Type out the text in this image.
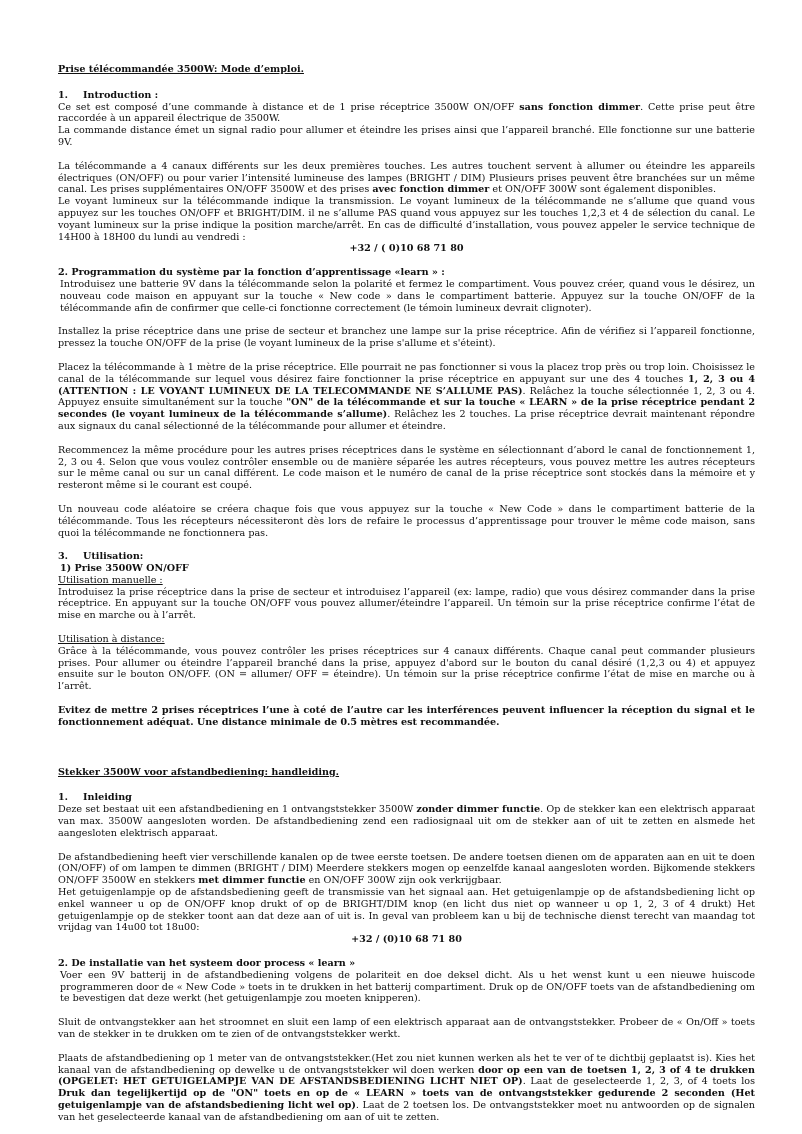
Prise télécommandée 3500W: Mode d’emploi.

1. Introduction :

Ce set est composé d’une commande à distance et de 1 prise réceptrice 3500W ON/OFF sans fonction dimmer. Cette prise peut être raccordée à un appareil électrique de 3500W.

La commande distance émet un signal radio pour allumer et éteindre les prises ainsi que l’appareil branché. Elle fonctionne sur une batterie 9V.

La télécommande a 4 canaux différents sur les deux premières touches. Les autres touchent servent à allumer ou éteindre les appareils électriques (ON/OFF) ou pour varier l’intensité lumineuse des lampes (BRIGHT / DIM) Plusieurs prises peuvent être branchées sur un même canal. Les prises supplémentaires ON/OFF 3500W et des prises avec fonction dimmer et ON/OFF 300W sont également disponibles.

Le voyant lumineux sur la télécommande indique la transmission. Le voyant lumineux de la télécommande ne s’allume que quand vous appuyez sur les touches ON/OFF et BRIGHT/DIM. il ne s’allume PAS quand vous appuyez sur les touches 1,2,3 et 4 de sélection du canal. Le voyant lumineux sur la prise indique la position marche/arrêt. En cas de difficulté d’installation, vous pouvez appeler le service technique de 14H00 à 18H00 du lundi au vendredi :

+32 / ( 0)10 68 71 80

2. Programmation du système par la fonction d’apprentissage «learn » :

Introduisez une batterie 9V dans la télécommande selon la polarité et fermez le compartiment. Vous pouvez créer, quand vous le désirez, un nouveau code maison en appuyant sur la touche « New code » dans le compartiment batterie. Appuyez sur la touche ON/OFF de la télécommande afin de confirmer que celle-ci fonctionne correctement (le témoin lumineux devrait clignoter).

Installez la prise réceptrice dans une prise de secteur et branchez une lampe sur la prise réceptrice. Afin de vérifiez si l’appareil fonctionne, pressez la touche ON/OFF de la prise (le voyant lumineux de la prise s'allume et s'éteint).

Placez la télécommande à 1 mètre de la prise réceptrice. Elle pourrait ne pas fonctionner si vous la placez trop près ou trop loin. Choisissez le canal de la télécommande sur lequel vous désirez faire fonctionner la prise réceptrice en appuyant sur une des 4 touches 1, 2, 3 ou 4 (ATTENTION : LE VOYANT LUMINEUX DE LA TELECOMMANDE NE S’ALLUME PAS). Relâchez la touche sélectionnée 1, 2, 3 ou 4. Appuyez ensuite simultanément sur la touche "ON" de la télécommande et sur la touche « LEARN » de la prise réceptrice pendant 2 secondes (le voyant lumineux de la télécommande s’allume). Relâchez les 2 touches. La prise réceptrice devrait maintenant répondre aux signaux du canal sélectionné de la télécommande pour allumer et éteindre.

Recommencez la même procédure pour les autres prises réceptrices dans le système en sélectionnant d’abord le canal de fonctionnement 1, 2, 3 ou 4. Selon que vous voulez contrôler ensemble ou de manière séparée les autres récepteurs, vous pouvez mettre les autres récepteurs sur le même canal ou sur un canal différent. Le code maison et le numéro de canal de la prise réceptrice sont stockés dans la mémoire et y resteront même si le courant est coupé.

Un nouveau code aléatoire se créera chaque fois que vous appuyez sur la touche « New Code » dans le compartiment batterie de la télécommande. Tous les récepteurs nécessiteront dès lors de refaire le processus d’apprentissage pour trouver le même code maison, sans quoi la télécommande ne fonctionnera pas.

3. Utilisation:

1) Prise 3500W ON/OFF

Utilisation manuelle :

Introduisez la prise réceptrice dans la prise de secteur et introduisez l’appareil (ex: lampe, radio) que vous désirez commander dans la prise réceptrice. En appuyant sur la touche ON/OFF vous pouvez allumer/éteindre l’appareil. Un témoin sur la prise réceptrice confirme l’état de mise en marche ou à l’arrêt.

Utilisation à distance:

Grâce à la télécommande, vous pouvez contrôler les prises réceptrices sur 4 canaux différents. Chaque canal peut commander plusieurs prises. Pour allumer ou éteindre l’appareil branché dans la prise, appuyez d'abord sur le bouton du canal désiré (1,2,3 ou 4) et appuyez ensuite sur le bouton ON/OFF. (ON = allumer/ OFF = éteindre). Un témoin sur la prise réceptrice confirme l’état de mise en marche ou à l’arrêt.

Evitez de mettre 2 prises réceptrices l’une à coté de l’autre car les interférences peuvent influencer la réception du signal et le fonctionnement adéquat. Une distance minimale de 0.5 mètres est recommandée.

Stekker 3500W voor afstandbediening: handleiding.

1. Inleiding

Deze set bestaat uit een afstandbediening en 1 ontvangststekker 3500W zonder dimmer functie. Op de stekker kan een elektrisch apparaat van max. 3500W aangesloten worden. De afstandbediening zend een radiosignaal uit om de stekker aan of uit te zetten en alsmede het aangesloten elektrisch apparaat.

De afstandbediening heeft vier verschillende kanalen op de twee eerste toetsen. De andere toetsen dienen om de apparaten aan en uit te doen (ON/OFF) of om lampen te dimmen (BRIGHT / DIM) Meerdere stekkers mogen op eenzelfde kanaal aangesloten worden. Bijkomende stekkers ON/OFF 3500W en stekkers met dimmer functie en ON/OFF 300W zijn ook verkrijgbaar.

Het getuigenlampje op de afstandsbediening geeft de transmissie van het signaal aan. Het getuigenlampje op de afstandsbediening licht op enkel wanneer u op de ON/OFF knop drukt of op de BRIGHT/DIM knop (en licht dus niet op wanneer u op 1, 2, 3 of 4 drukt) Het getuigenlampje op de stekker toont aan dat deze aan of uit is. In geval van probleem kan u bij de technische dienst terecht van maandag tot vrijdag van 14u00 tot 18u00:

+32 / (0)10 68 71 80

2. De installatie van het systeem door process « learn »

Voer een 9V batterij in de afstandbediening volgens de polariteit en doe deksel dicht. Als u het wenst kunt u een nieuwe huiscode programmeren door de « New Code » toets in te drukken in het batterij compartiment. Druk op de ON/OFF toets van de afstandbediening om te bevestigen dat deze werkt (het getuigenlampje zou moeten knipperen).

Sluit de ontvangstekker aan het stroomnet en sluit een lamp of een elektrisch apparaat aan de ontvangststekker. Probeer de « On/Off » toets van de stekker in te drukken om te zien of de ontvangststekker werkt.

Plaats de afstandbediening op 1 meter van de ontvangststekker.(Het zou niet kunnen werken als het te ver of te dichtbij geplaatst is). Kies het kanaal van de afstandbediening op dewelke u de ontvangststekker wil doen werken door op een van de toetsen 1, 2, 3 of 4 te drukken (OPGELET: HET GETUIGELAMPJE VAN DE AFSTANDSBEDIENING LICHT NIET OP). Laat de geselecteerde 1, 2, 3, of 4 toets los Druk dan tegelijkertijd op de "ON" toets en op de « LEARN » toets van de ontvangststekker gedurende 2 seconden (Het getuigenlampje van de afstandsbediening licht wel op). Laat de 2 toetsen los. De ontvangststekker moet nu antwoorden op de signalen van het geselecteerde kanaal van de afstandbediening om aan of uit te zetten.
